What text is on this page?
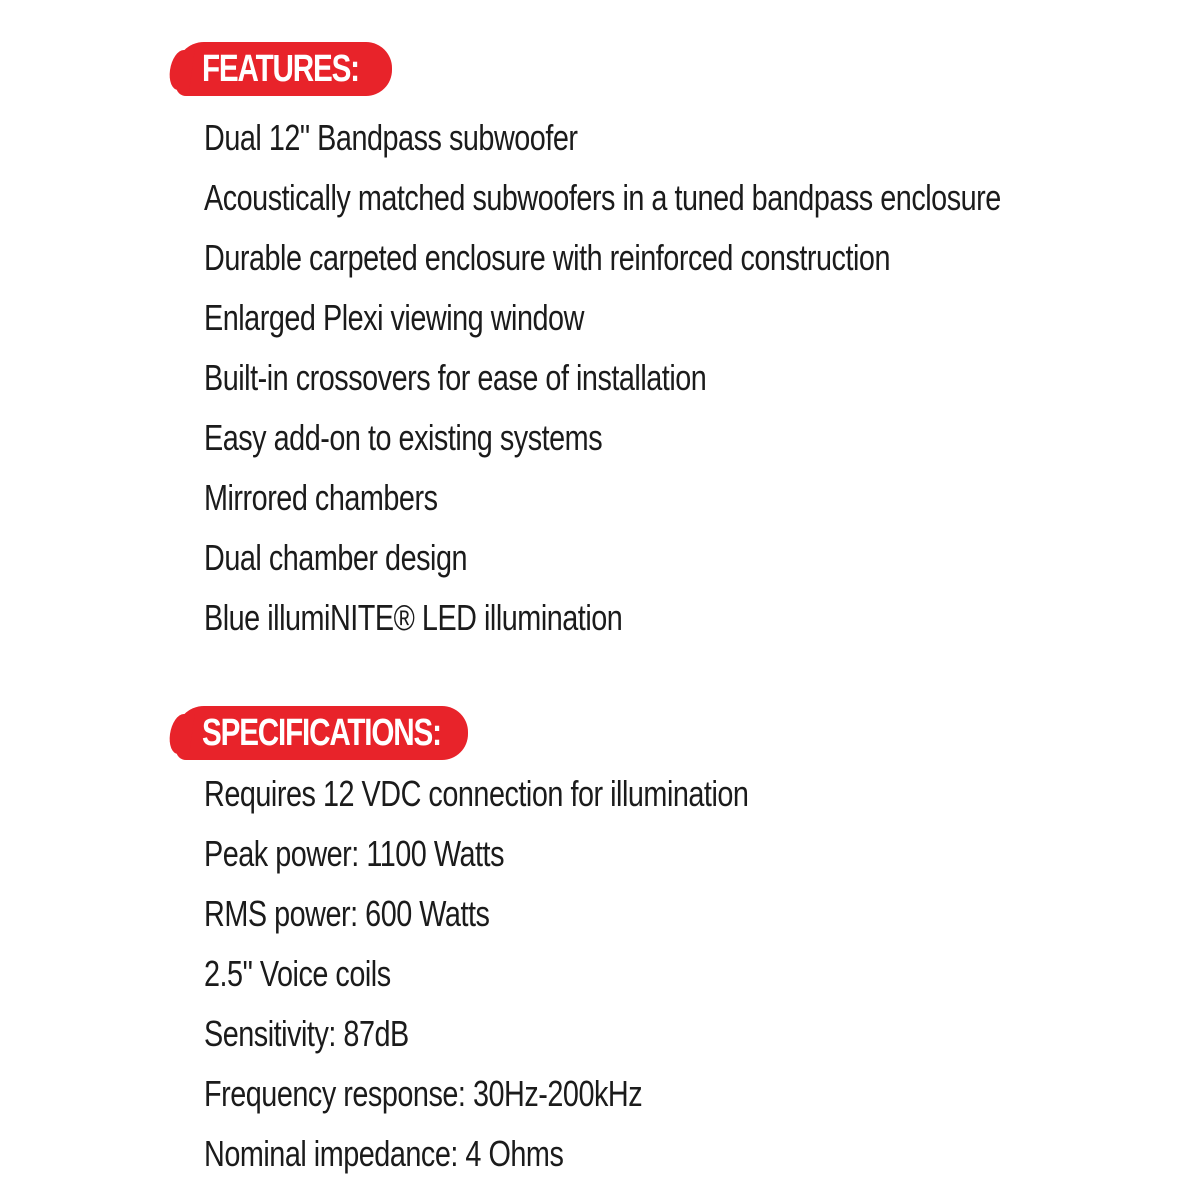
FEATURES:
Dual 12" Bandpass subwoofer
Acoustically matched subwoofers in a tuned bandpass enclosure
Durable carpeted enclosure with reinforced construction
Enlarged Plexi viewing window
Built-in crossovers for ease of installation
Easy add-on to existing systems
Mirrored chambers
Dual chamber design
Blue illumiNITE® LED illumination
SPECIFICATIONS:
Requires 12 VDC connection for illumination
Peak power: 1100 Watts
RMS power: 600 Watts
2.5" Voice coils
Sensitivity: 87dB
Frequency response: 30Hz-200kHz
Nominal impedance: 4 Ohms
